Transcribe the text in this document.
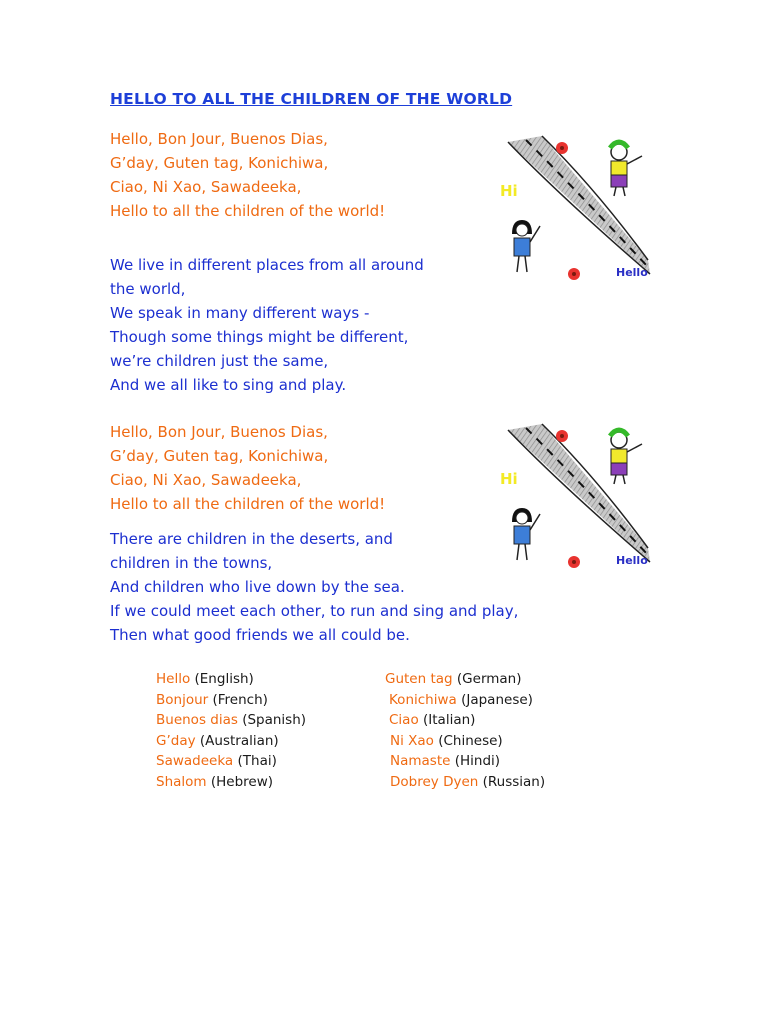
HELLO TO ALL THE CHILDREN OF THE WORLD
Hello, Bon Jour, Buenos Dias,
G’day, Guten tag, Konichiwa,
Ciao, Ni Xao, Sawadeeka,
Hello to all the children of the world!
We live in different places from all around
the world,
We speak in many different ways -
Though some things might be different,
we’re children just the same,
And we all like to sing and play.
Hello, Bon Jour, Buenos Dias,
G’day, Guten tag, Konichiwa,
Ciao, Ni Xao, Sawadeeka,
Hello to all the children of the world!
There are children in the deserts, and
children in the towns,
And children who live down by the sea.
If we could meet each other, to run and sing and play,
Then what good friends we all could be.
Hello (English)
Bonjour (French)
Buenos dias (Spanish)
G’day (Australian)
Sawadeeka (Thai)
Shalom (Hebrew)
Guten tag (German)
Konichiwa (Japanese)
Ciao (Italian)
Ni Xao (Chinese)
Namaste (Hindi)
Dobrey Dyen (Russian)
Hi
Hello
Hi
Hello
